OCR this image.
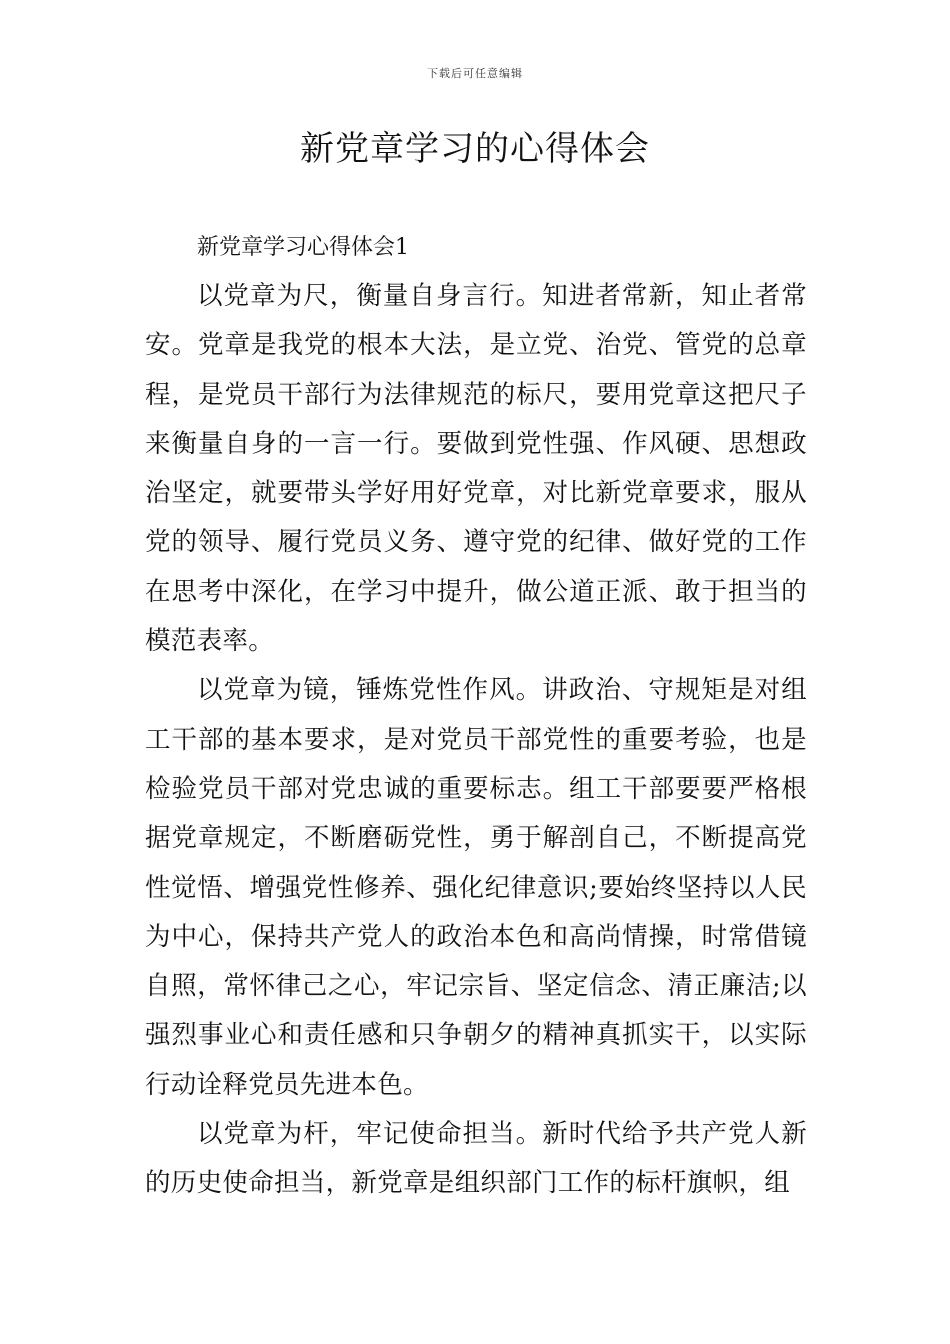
下载后可任意编辑
新党章学习的心得体会

新党章学习心得体会1

以党章为尺，衡量自身言行。知进者常新，知止者常安。党章是我党的根本大法，是立党、治党、管党的总章程，是党员干部行为法律规范的标尺，要用党章这把尺子来衡量自身的一言一行。要做到党性强、作风硬、思想政治坚定，就要带头学好用好党章，对比新党章要求，服从党的领导、履行党员义务、遵守党的纪律、做好党的工作在思考中深化，在学习中提升，做公道正派、敢于担当的模范表率。

以党章为镜，锤炼党性作风。讲政治、守规矩是对组工干部的基本要求，是对党员干部党性的重要考验，也是检验党员干部对党忠诚的重要标志。组工干部要要严格根据党章规定，不断磨砺党性，勇于解剖自己，不断提高党性觉悟、增强党性修养、强化纪律意识;要始终坚持以人民为中心，保持共产党人的政治本色和高尚情操，时常借镜自照，常怀律己之心，牢记宗旨、坚定信念、清正廉洁;以强烈事业心和责任感和只争朝夕的精神真抓实干，以实际行动诠释党员先进本色。

以党章为杆，牢记使命担当。新时代给予共产党人新的历史使命担当，新党章是组织部门工作的标杆旗帜，组
